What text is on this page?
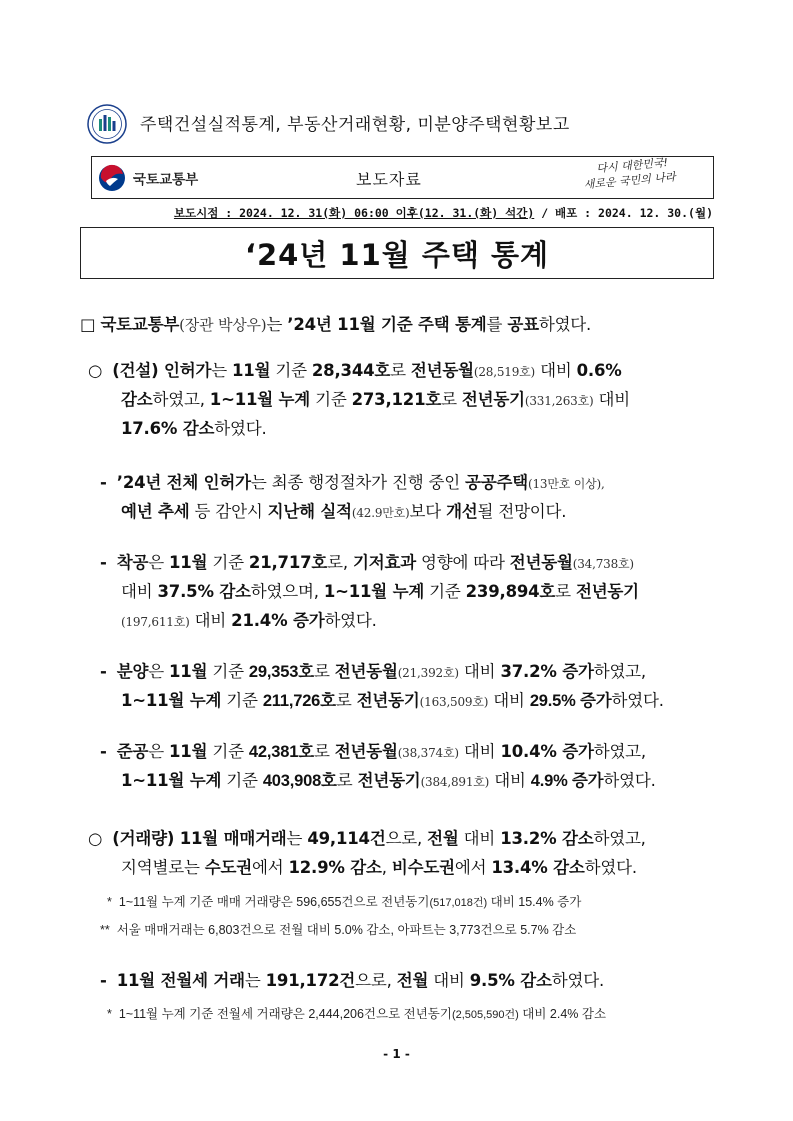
주택건설실적통계, 부동산거래현황, 미분양주택현황보고
국토교통부	보도자료
다시 대한민국!
새로운 국민의 나라
보도시점 : 2024. 12. 31(화) 06:00 이후(12. 31.(화) 석간) / 배포 : 2024. 12. 30.(월)
‘24년 11월 주택 통계
□ 국토교통부(장관 박상우)는 ’24년 11월 기준 주택 통계를 공표하였다.
○ (건설) 인허가는 11월 기준 28,344호로 전년동월(28,519호) 대비 0.6%
감소하였고, 1~11월 누계 기준 273,121호로 전년동기(331,263호) 대비
17.6% 감소하였다.
- ’24년 전체 인허가는 최종 행정절차가 진행 중인 공공주택(13만호 이상),
예년 추세 등 감안시 지난해 실적(42.9만호)보다 개선될 전망이다.
- 착공은 11월 기준 21,717호로, 기저효과 영향에 따라 전년동월(34,738호)
대비 37.5% 감소하였으며, 1~11월 누계 기준 239,894호로 전년동기
(197,611호) 대비 21.4% 증가하였다.
- 분양은 11월 기준 29,353호로 전년동월(21,392호) 대비 37.2% 증가하였고,
1~11월 누계 기준 211,726호로 전년동기(163,509호) 대비 29.5% 증가하였다.
- 준공은 11월 기준 42,381호로 전년동월(38,374호) 대비 10.4% 증가하였고,
1~11월 누계 기준 403,908호로 전년동기(384,891호) 대비 4.9% 증가하였다.
○ (거래량) 11월 매매거래는 49,114건으로, 전월 대비 13.2% 감소하였고,
지역별로는 수도권에서 12.9% 감소, 비수도권에서 13.4% 감소하였다.
* 1~11월 누계 기준 매매 거래량은 596,655건으로 전년동기(517,018건) 대비 15.4% 증가
** 서울 매매거래는 6,803건으로 전월 대비 5.0% 감소, 아파트는 3,773건으로 5.7% 감소
- 11월 전월세 거래는 191,172건으로, 전월 대비 9.5% 감소하였다.
* 1~11월 누계 기준 전월세 거래량은 2,444,206건으로 전년동기(2,505,590건) 대비 2.4% 감소
- 1 -
